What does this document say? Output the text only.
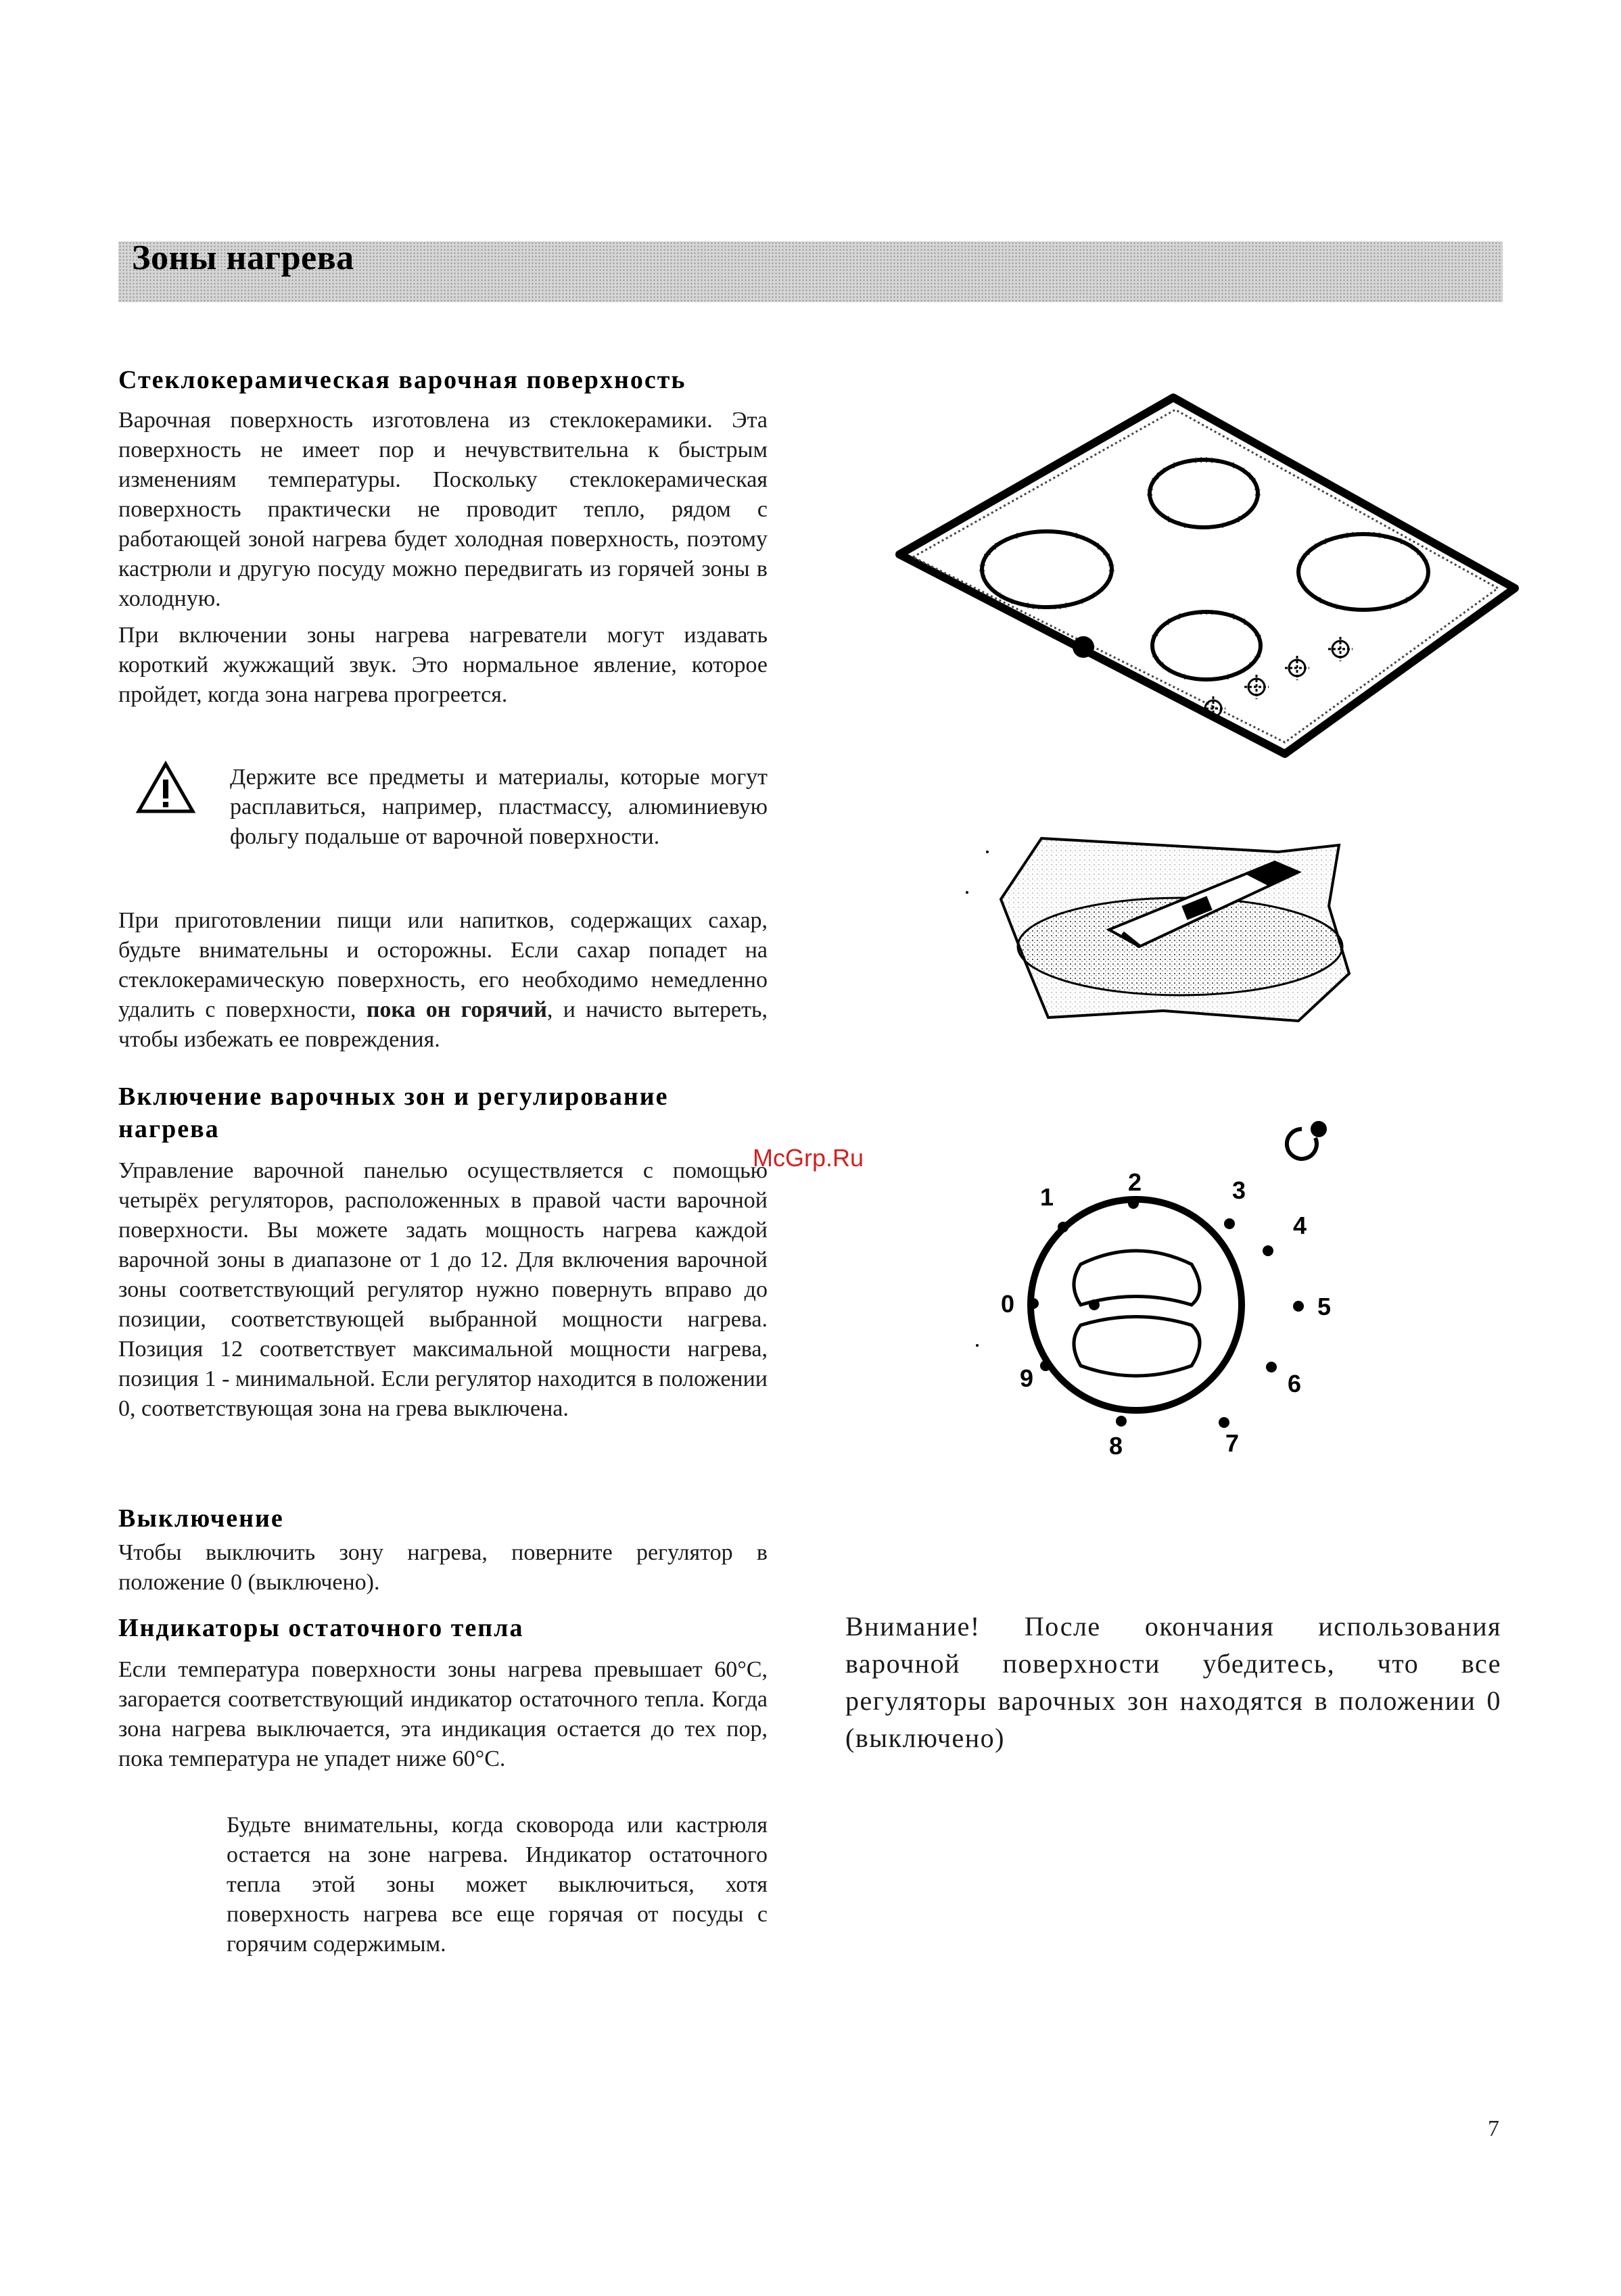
Зоны нагрева
Стеклокерамическая варочная поверхность
Варочная поверхность изготовлена из стеклокерамики. Эта поверхность не имеет пор и нечувствительна к быстрым изменениям температуры. Поскольку стеклокерамическая поверхность практически не проводит тепло, рядом с работающей зоной нагрева будет холодная поверхность, поэтому кастрюли и другую посуду можно передвигать из горячей зоны в холодную.
При включении зоны нагрева нагреватели могут издавать короткий жужжащий звук. Это нормальное явление, которое пройдет, когда зона нагрева прогреется.
Держите все предметы и материалы, которые могут расплавиться, например, пластмассу, алюминиевую фольгу подальше от варочной поверхности.
При приготовлении пищи или напитков, содержащих сахар, будьте внимательны и осторожны. Если сахар попадет на стеклокерамическую поверхность, его необходимо немедленно удалить с поверхности, пока он горячий, и начисто вытереть, чтобы избежать ее повреждения.
Включение варочных зон и регулирование нагрева
Управление варочной панелью осуществляется с помощью четырёх регуляторов, расположенных в правой части варочной поверхности. Вы можете задать мощность нагрева каждой варочной зоны в диапазоне от 1 до 12. Для включения варочной зоны соответствующий регулятор нужно повернуть вправо до позиции, соответствующей выбранной мощности нагрева. Позиция 12 соответствует максимальной мощности нагрева, позиция 1 - минимальной. Если регулятор находится в положении 0, соответствующая зона на грева выключена.
Выключение
Чтобы выключить зону нагрева, поверните регулятор в положение 0 (выключено).
Индикаторы остаточного тепла
Если температура поверхности зоны нагрева превышает 60°C, загорается соответствующий индикатор остаточного тепла. Когда зона нагрева выключается, эта индикация остается до тех пор, пока температура не упадет ниже 60°C.
Будьте внимательны, когда сковорода или кастрюля остается на зоне нагрева. Индикатор остаточного тепла этой зоны может выключиться, хотя поверхность нагрева все еще горячая от посуды с горячим содержимым.
0
1
2	3
4
5
6
7
8
9
McGrp.Ru
Внимание! После окончания использования варочной поверхности убедитесь, что все регуляторы варочных зон находятся в положении 0 (выключено)
7
